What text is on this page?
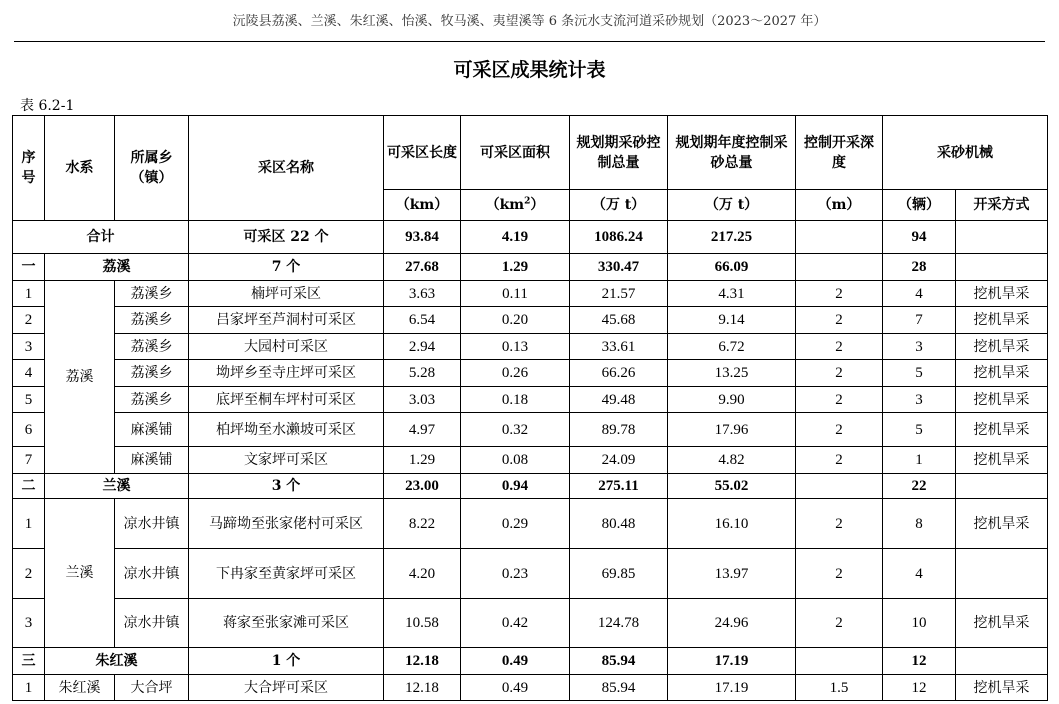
沅陵县荔溪、兰溪、朱红溪、怡溪、牧马溪、夷望溪等 6 条沅水支流河道采砂规划（2023～2027 年）
可采区成果统计表
表 6.2-1
序号	水系	所属乡（镇）	采区名称	可采区长度	可采区面积	规划期采砂控制总量	规划期年度控制采砂总量	控制开采深度	采砂机械	
				（km）	$(km^2)$	（万 t）	（万 t）	（m）	（辆）	开采方式
合计			可采区 22 个	93.84	4.19	1086.24	217.25		94	
一	荔溪		7 个	27.68	1.29	330.47	66.09		28	
1	荔溪	荔溪乡	楠坪可采区	3.63	0.11	21.57	4.31	2	4	挖机旱采
2		荔溪乡	吕家坪至芦洞村可采区	6.54	0.20	45.68	9.14	2	7	挖机旱采
3		荔溪乡	大园村可采区	2.94	0.13	33.61	6.72	2	3	挖机旱采
4		荔溪乡	坳坪乡至寺庄坪可采区	5.28	0.26	66.26	13.25	2	5	挖机旱采
5		荔溪乡	底坪至桐车坪村可采区	3.03	0.18	49.48	9.90	2	3	挖机旱采
6		麻溪铺	柏坪坳至水濑坡可采区	4.97	0.32	89.78	17.96	2	5	挖机旱采
7		麻溪铺	文家坪可采区	1.29	0.08	24.09	4.82	2	1	挖机旱采
二	兰溪		3 个	23.00	0.94	275.11	55.02		22	
1	兰溪	凉水井镇	马蹄坳至张家佬村可采区	8.22	0.29	80.48	16.10	2	8	挖机旱采
2		凉水井镇	下冉家至黄家坪可采区	4.20	0.23	69.85	13.97	2	4	
3		凉水井镇	蒋家至张家滩可采区	10.58	0.42	124.78	24.96	2	10	挖机旱采
三	朱红溪		1 个	12.18	0.49	85.94	17.19		12	
1	朱红溪	大合坪	大合坪可采区	12.18	0.49	85.94	17.19	1.5	12	挖机旱采
